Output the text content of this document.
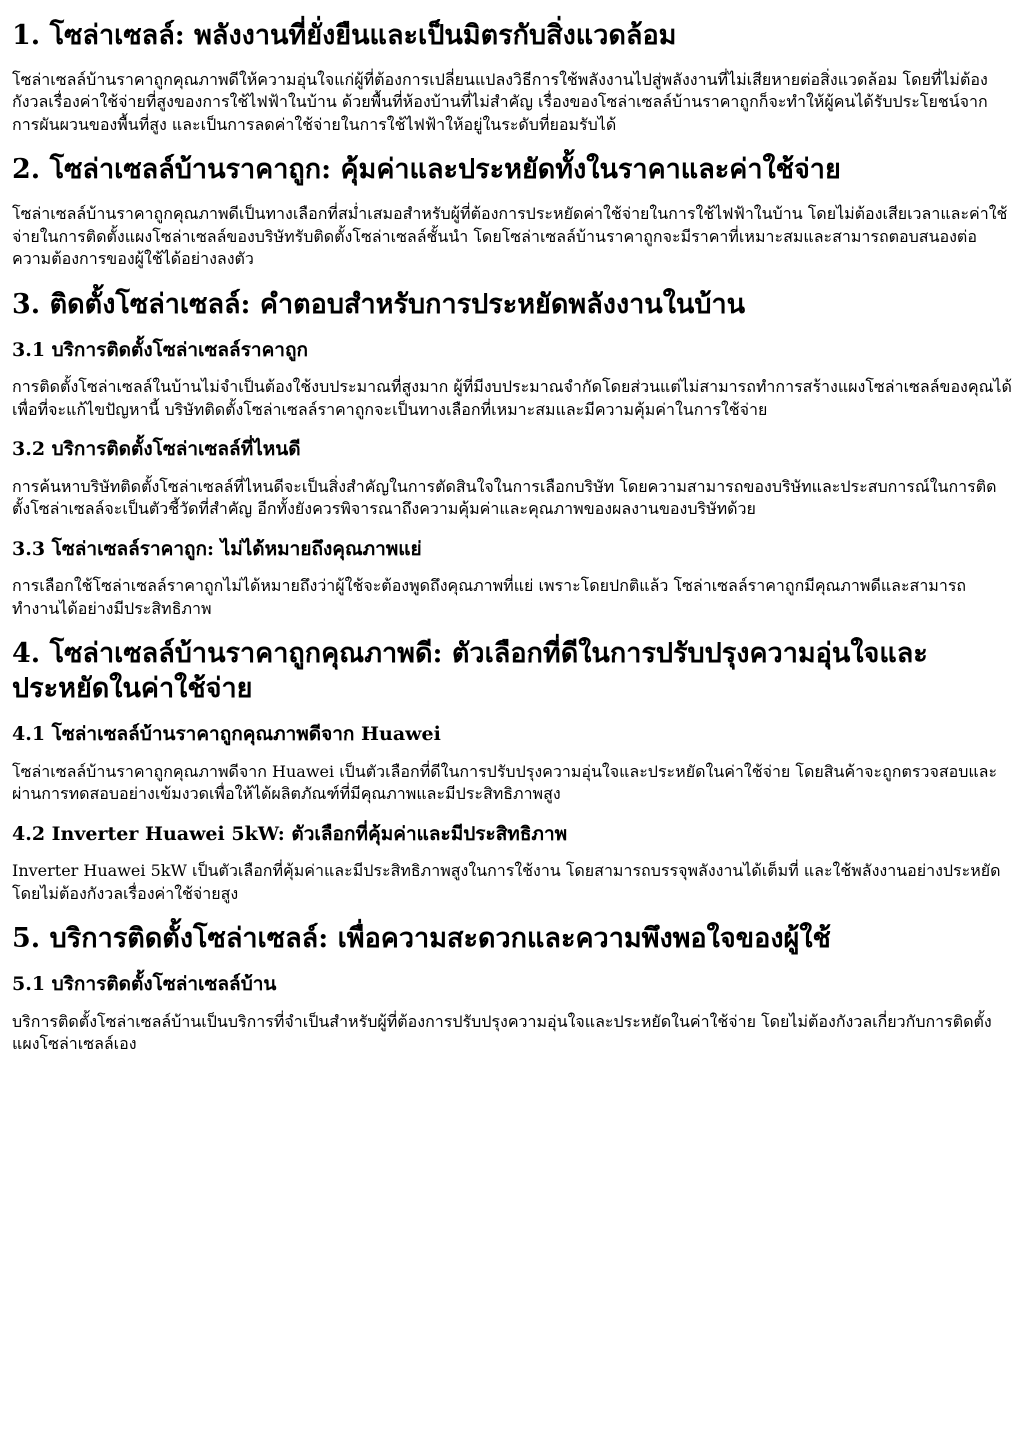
1. โซล่าเซลล์: พลังงานที่ยั่งยืนและเป็นมิตรกับสิ่งแวดล้อม

โซล่าเซลล์บ้านราคาถูกคุณภาพดีให้ความอุ่นใจแก่ผู้ที่ต้องการเปลี่ยนแปลงวิธีการใช้พลังงานไปสู่พลังงานที่ไม่เสียหายต่อสิ่งแวดล้อม โดยที่ไม่ต้องกังวลเรื่องค่าใช้จ่ายที่สูงของการใช้ไฟฟ้าในบ้าน ด้วยพื้นที่ห้องบ้านที่ไม่สำคัญ เรื่องของโซล่าเซลล์บ้านราคาถูกก็จะทำให้ผู้คนได้รับประโยชน์จากการผันผวนของพื้นที่สูง และเป็นการลดค่าใช้จ่ายในการใช้ไฟฟ้าให้อยู่ในระดับที่ยอมรับได้

2. โซล่าเซลล์บ้านราคาถูก: คุ้มค่าและประหยัดทั้งในราคาและค่าใช้จ่าย

โซล่าเซลล์บ้านราคาถูกคุณภาพดีเป็นทางเลือกที่สม่ำเสมอสำหรับผู้ที่ต้องการประหยัดค่าใช้จ่ายในการใช้ไฟฟ้าในบ้าน โดยไม่ต้องเสียเวลาและค่าใช้จ่ายในการติดตั้งแผงโซล่าเซลล์ของบริษัทรับติดตั้งโซล่าเซลล์ชั้นนำ โดยโซล่าเซลล์บ้านราคาถูกจะมีราคาที่เหมาะสมและสามารถตอบสนองต่อความต้องการของผู้ใช้ได้อย่างลงตัว

3. ติดตั้งโซล่าเซลล์: คำตอบสำหรับการประหยัดพลังงานในบ้าน
3.1 บริการติดตั้งโซล่าเซลล์ราคาถูก

การติดตั้งโซล่าเซลล์ในบ้านไม่จำเป็นต้องใช้งบประมาณที่สูงมาก ผู้ที่มีงบประมาณจำกัดโดยส่วนแต่ไม่สามารถทำการสร้างแผงโซล่าเซลล์ของคุณได้ เพื่อที่จะแก้ไขปัญหานี้ บริษัทติดตั้งโซล่าเซลล์ราคาถูกจะเป็นทางเลือกที่เหมาะสมและมีความคุ้มค่าในการใช้จ่าย

3.2 บริการติดตั้งโซล่าเซลล์ที่ไหนดี

การค้นหาบริษัทติดตั้งโซล่าเซลล์ที่ไหนดีจะเป็นสิ่งสำคัญในการตัดสินใจในการเลือกบริษัท โดยความสามารถของบริษัทและประสบการณ์ในการติดตั้งโซล่าเซลล์จะเป็นตัวชี้วัดที่สำคัญ อีกทั้งยังควรพิจารณาถึงความคุ้มค่าและคุณภาพของผลงานของบริษัทด้วย

3.3 โซล่าเซลล์ราคาถูก: ไม่ได้หมายถึงคุณภาพแย่

การเลือกใช้โซล่าเซลล์ราคาถูกไม่ได้หมายถึงว่าผู้ใช้จะต้องพูดถึงคุณภาพที่แย่ เพราะโดยปกติแล้ว โซล่าเซลล์ราคาถูกมีคุณภาพดีและสามารถทำงานได้อย่างมีประสิทธิภาพ

4. โซล่าเซลล์บ้านราคาถูกคุณภาพดี: ตัวเลือกที่ดีในการปรับปรุงความอุ่นใจและประหยัดในค่าใช้จ่าย
4.1 โซล่าเซลล์บ้านราคาถูกคุณภาพดีจาก Huawei

โซล่าเซลล์บ้านราคาถูกคุณภาพดีจาก Huawei เป็นตัวเลือกที่ดีในการปรับปรุงความอุ่นใจและประหยัดในค่าใช้จ่าย โดยสินค้าจะถูกตรวจสอบและผ่านการทดสอบอย่างเข้มงวดเพื่อให้ได้ผลิตภัณฑ์ที่มีคุณภาพและมีประสิทธิภาพสูง

4.2 Inverter Huawei 5kW: ตัวเลือกที่คุ้มค่าและมีประสิทธิภาพ

Inverter Huawei 5kW เป็นตัวเลือกที่คุ้มค่าและมีประสิทธิภาพสูงในการใช้งาน โดยสามารถบรรจุพลังงานได้เต็มที่ และใช้พลังงานอย่างประหยัด โดยไม่ต้องกังวลเรื่องค่าใช้จ่ายสูง

5. บริการติดตั้งโซล่าเซลล์: เพื่อความสะดวกและความพึงพอใจของผู้ใช้
5.1 บริการติดตั้งโซล่าเซลล์บ้าน

บริการติดตั้งโซล่าเซลล์บ้านเป็นบริการที่จำเป็นสำหรับผู้ที่ต้องการปรับปรุงความอุ่นใจและประหยัดในค่าใช้จ่าย โดยไม่ต้องกังวลเกี่ยวกับการติดตั้งแผงโซล่าเซลล์เอง
